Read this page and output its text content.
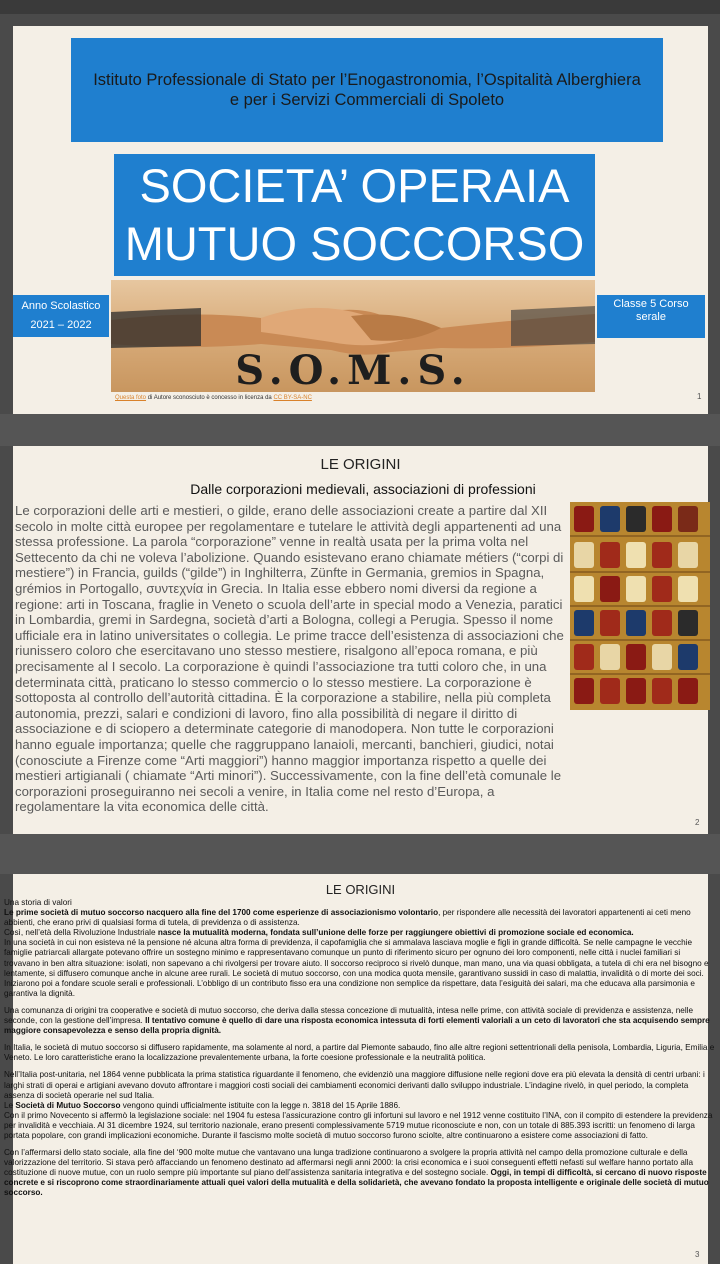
Istituto Professionale di Stato per l’Enogastronomia, l’Ospitalità Alberghiera e per i Servizi Commerciali di Spoleto
SOCIETA’ OPERAIA
MUTUO SOCCORSO
S.O.M.S.
Questa foto di Autore sconosciuto è concesso in licenza da CC BY-SA-NC
Anno Scolastico
2021 – 2022
Classe 5 Corso serale
1
LE ORIGINI
Dalle corporazioni medievali, associazioni di professioni
Le corporazioni delle arti e mestieri, o gilde, erano delle associazioni create a partire dal XII secolo in molte città europee per regolamentare e tutelare le attività degli appartenenti ad una stessa professione. La parola “corporazione” venne in realtà usata per la prima volta nel Settecento da chi ne voleva l’abolizione. Quando esistevano erano chiamate métiers (“corpi di mestiere”) in Francia, guilds (“gilde”) in Inghilterra, Zünfte in Germania, gremios in Spagna, grémios in Portogallo, συντεχνία in Grecia. In Italia esse ebbero nomi diversi da regione a regione: arti in Toscana, fraglie in Veneto o scuola dell’arte in special modo a Venezia, paratici in Lombardia, gremi in Sardegna, società d’arti a Bologna, collegi a Perugia. Spesso il nome ufficiale era in latino universitates o collegia. Le prime tracce dell’esistenza di associazioni che riunissero coloro che esercitavano uno stesso mestiere, risalgono all’epoca romana, e più precisamente al I secolo. La corporazione è quindi l’associazione tra tutti coloro che, in una determinata città, praticano lo stesso commercio o lo stesso mestiere. La corporazione è sottoposta al controllo dell’autorità cittadina. È la corporazione a stabilire, nella più completa autonomia, prezzi, salari e condizioni di lavoro, fino alla possibilità di negare il diritto di associazione e di sciopero a determinate categorie di manodopera. Non tutte le corporazioni hanno eguale importanza; quelle che raggruppano lanaioli, mercanti, banchieri, giudici, notai (conosciute a Firenze come “Arti maggiori”) hanno maggior importanza rispetto a quelle dei mestieri artigianali ( chiamate “Arti minori”). Successivamente, con la fine dell’età comunale le corporazioni proseguiranno nei secoli a venire, in Italia come nel resto d’Europa, a regolamentare la vita economica delle città.
2
LE ORIGINI

Una storia di valori
Le prime società di mutuo soccorso nacquero alla fine del 1700 come esperienze di associazionismo volontario, per rispondere alle necessità dei lavoratori appartenenti ai ceti meno abbienti, che erano privi di qualsiasi forma di tutela, di previdenza o di assistenza.
Così, nell’età della Rivoluzione Industriale nasce la mutualità moderna, fondata sull’unione delle forze per raggiungere obiettivi di promozione sociale ed economica.
In una società in cui non esisteva né la pensione né alcuna altra forma di previdenza, il capofamiglia che si ammalava lasciava moglie e figli in grande difficoltà. Se nelle campagne le vecchie famiglie patriarcali allargate potevano offrire un sostegno minimo e rappresentavano comunque un punto di riferimento sicuro per ognuno dei loro componenti, nelle città i nuclei familiari si trovavano in ben altra situazione: isolati, non sapevano a chi rivolgersi per trovare aiuto. Il soccorso reciproco si rivelò dunque, man mano, una via quasi obbligata, a tutela di chi era nel bisogno e lentamente, si diffusero comunque anche in alcune aree rurali. Le società di mutuo soccorso, con una modica quota mensile, garantivano sussidi in caso di malattia, invalidità o di morte dei soci. Iniziarono poi a fondare scuole serali e professionali. L’obbligo di un contributo fisso era una condizione non semplice da rispettare, data l’esiguità dei salari, ma che educava alla parsimonia e garantiva la dignità.

Una comunanza di origini tra cooperative e società di mutuo soccorso, che deriva dalla stessa concezione di mutualità, intesa nelle prime, con attività sociale di previdenza e assistenza, nelle seconde, con la gestione dell’impresa. Il tentativo comune è quello di dare una risposta economica intessuta di forti elementi valoriali a un ceto di lavoratori che sta acquisendo sempre maggiore consapevolezza e senso della propria dignità.

In Italia, le società di mutuo soccorso si diffusero rapidamente, ma solamente al nord, a partire dal Piemonte sabaudo, fino alle altre regioni settentrionali della penisola, Lombardia, Liguria, Emilia e Veneto. Le loro caratteristiche erano la localizzazione prevalentemente urbana, la forte coesione professionale e la neutralità politica.

Nell’Italia post-unitaria, nel 1864 venne pubblicata la prima statistica riguardante il fenomeno, che evidenziò una maggiore diffusione nelle regioni dove era più elevata la densità di centri urbani: i larghi strati di operai e artigiani avevano dovuto affrontare i maggiori costi sociali dei cambiamenti economici derivanti dallo sviluppo industriale. L’indagine rivelò, in quel periodo, la completa assenza di società operarie nel sud Italia.
Le Società di Mutuo Soccorso vengono quindi ufficialmente istituite con la legge n. 3818 del 15 Aprile 1886.
Con il primo Novecento si affermò la legislazione sociale: nel 1904 fu estesa l’assicurazione contro gli infortuni sul lavoro e nel 1912 venne costituito l’INA, con il compito di estendere la previdenza per invalidità e vecchiaia. Al 31 dicembre 1924, sul territorio nazionale, erano presenti complessivamente 5719 mutue riconosciute e non, con un totale di 885.393 iscritti: un fenomeno di larga portata popolare, con grandi implicazioni economiche. Durante il fascismo molte società di mutuo soccorso furono sciolte, altre continuarono a esistere come associazioni di fatto.

Con l’affermarsi dello stato sociale, alla fine del ‘900 molte mutue che vantavano una lunga tradizione continuarono a svolgere la propria attività nel campo della promozione culturale e della valorizzazione del territorio. Si stava però affacciando un fenomeno destinato ad affermarsi negli anni 2000: la crisi economica e i suoi conseguenti effetti nefasti sul welfare hanno portato alla costituzione di nuove mutue, con un ruolo sempre più importante sul piano dell’assistenza sanitaria integrativa e del sostegno sociale. Oggi, in tempi di difficoltà, si cercano di nuovo risposte concrete e si riscoprono come straordinariamente attuali quei valori della mutualità e della solidarietà, che avevano fondato la proposta intelligente e originale delle società di mutuo soccorso.

3
